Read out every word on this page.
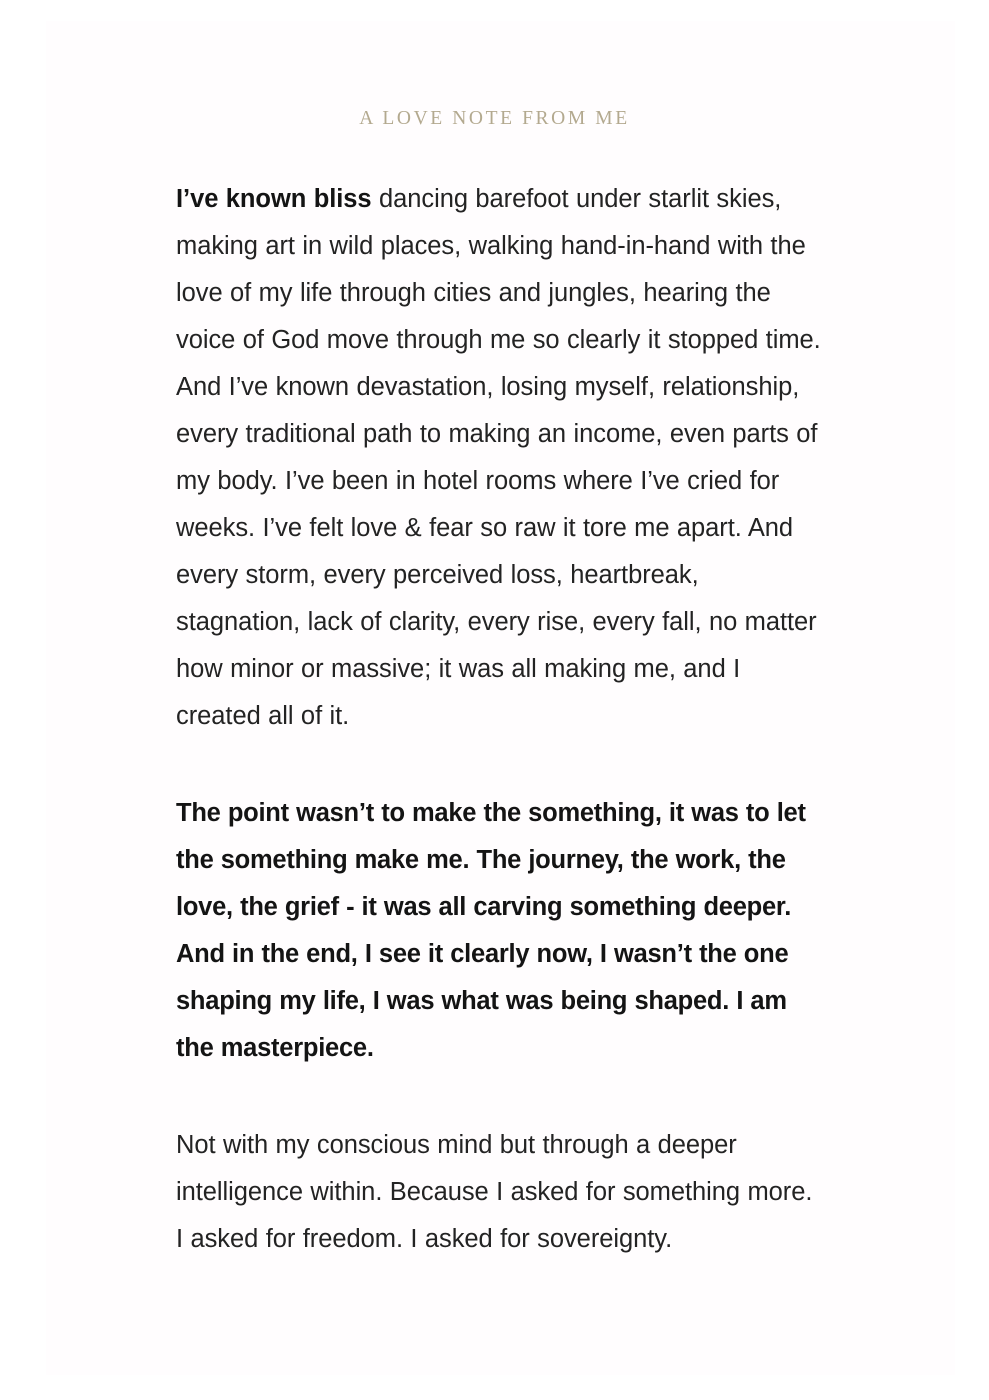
A LOVE NOTE FROM ME

I’ve known bliss dancing barefoot under starlit skies, making art in wild places, walking hand-in-hand with the love of my life through cities and jungles, hearing the voice of God move through me so clearly it stopped time. And I’ve known devastation, losing myself, relationship, every traditional path to making an income, even parts of my body. I’ve been in hotel rooms where I’ve cried for weeks. I’ve felt love & fear so raw it tore me apart. And every storm, every perceived loss, heartbreak, stagnation, lack of clarity, every rise, every fall, no matter how minor or massive; it was all making me, and I created all of it.

The point wasn’t to make the something, it was to let the something make me. The journey, the work, the love, the grief - it was all carving something deeper. And in the end, I see it clearly now, I wasn’t the one shaping my life, I was what was being shaped. I am the masterpiece.

Not with my conscious mind but through a deeper intelligence within. Because I asked for something more. I asked for freedom. I asked for sovereignty.
